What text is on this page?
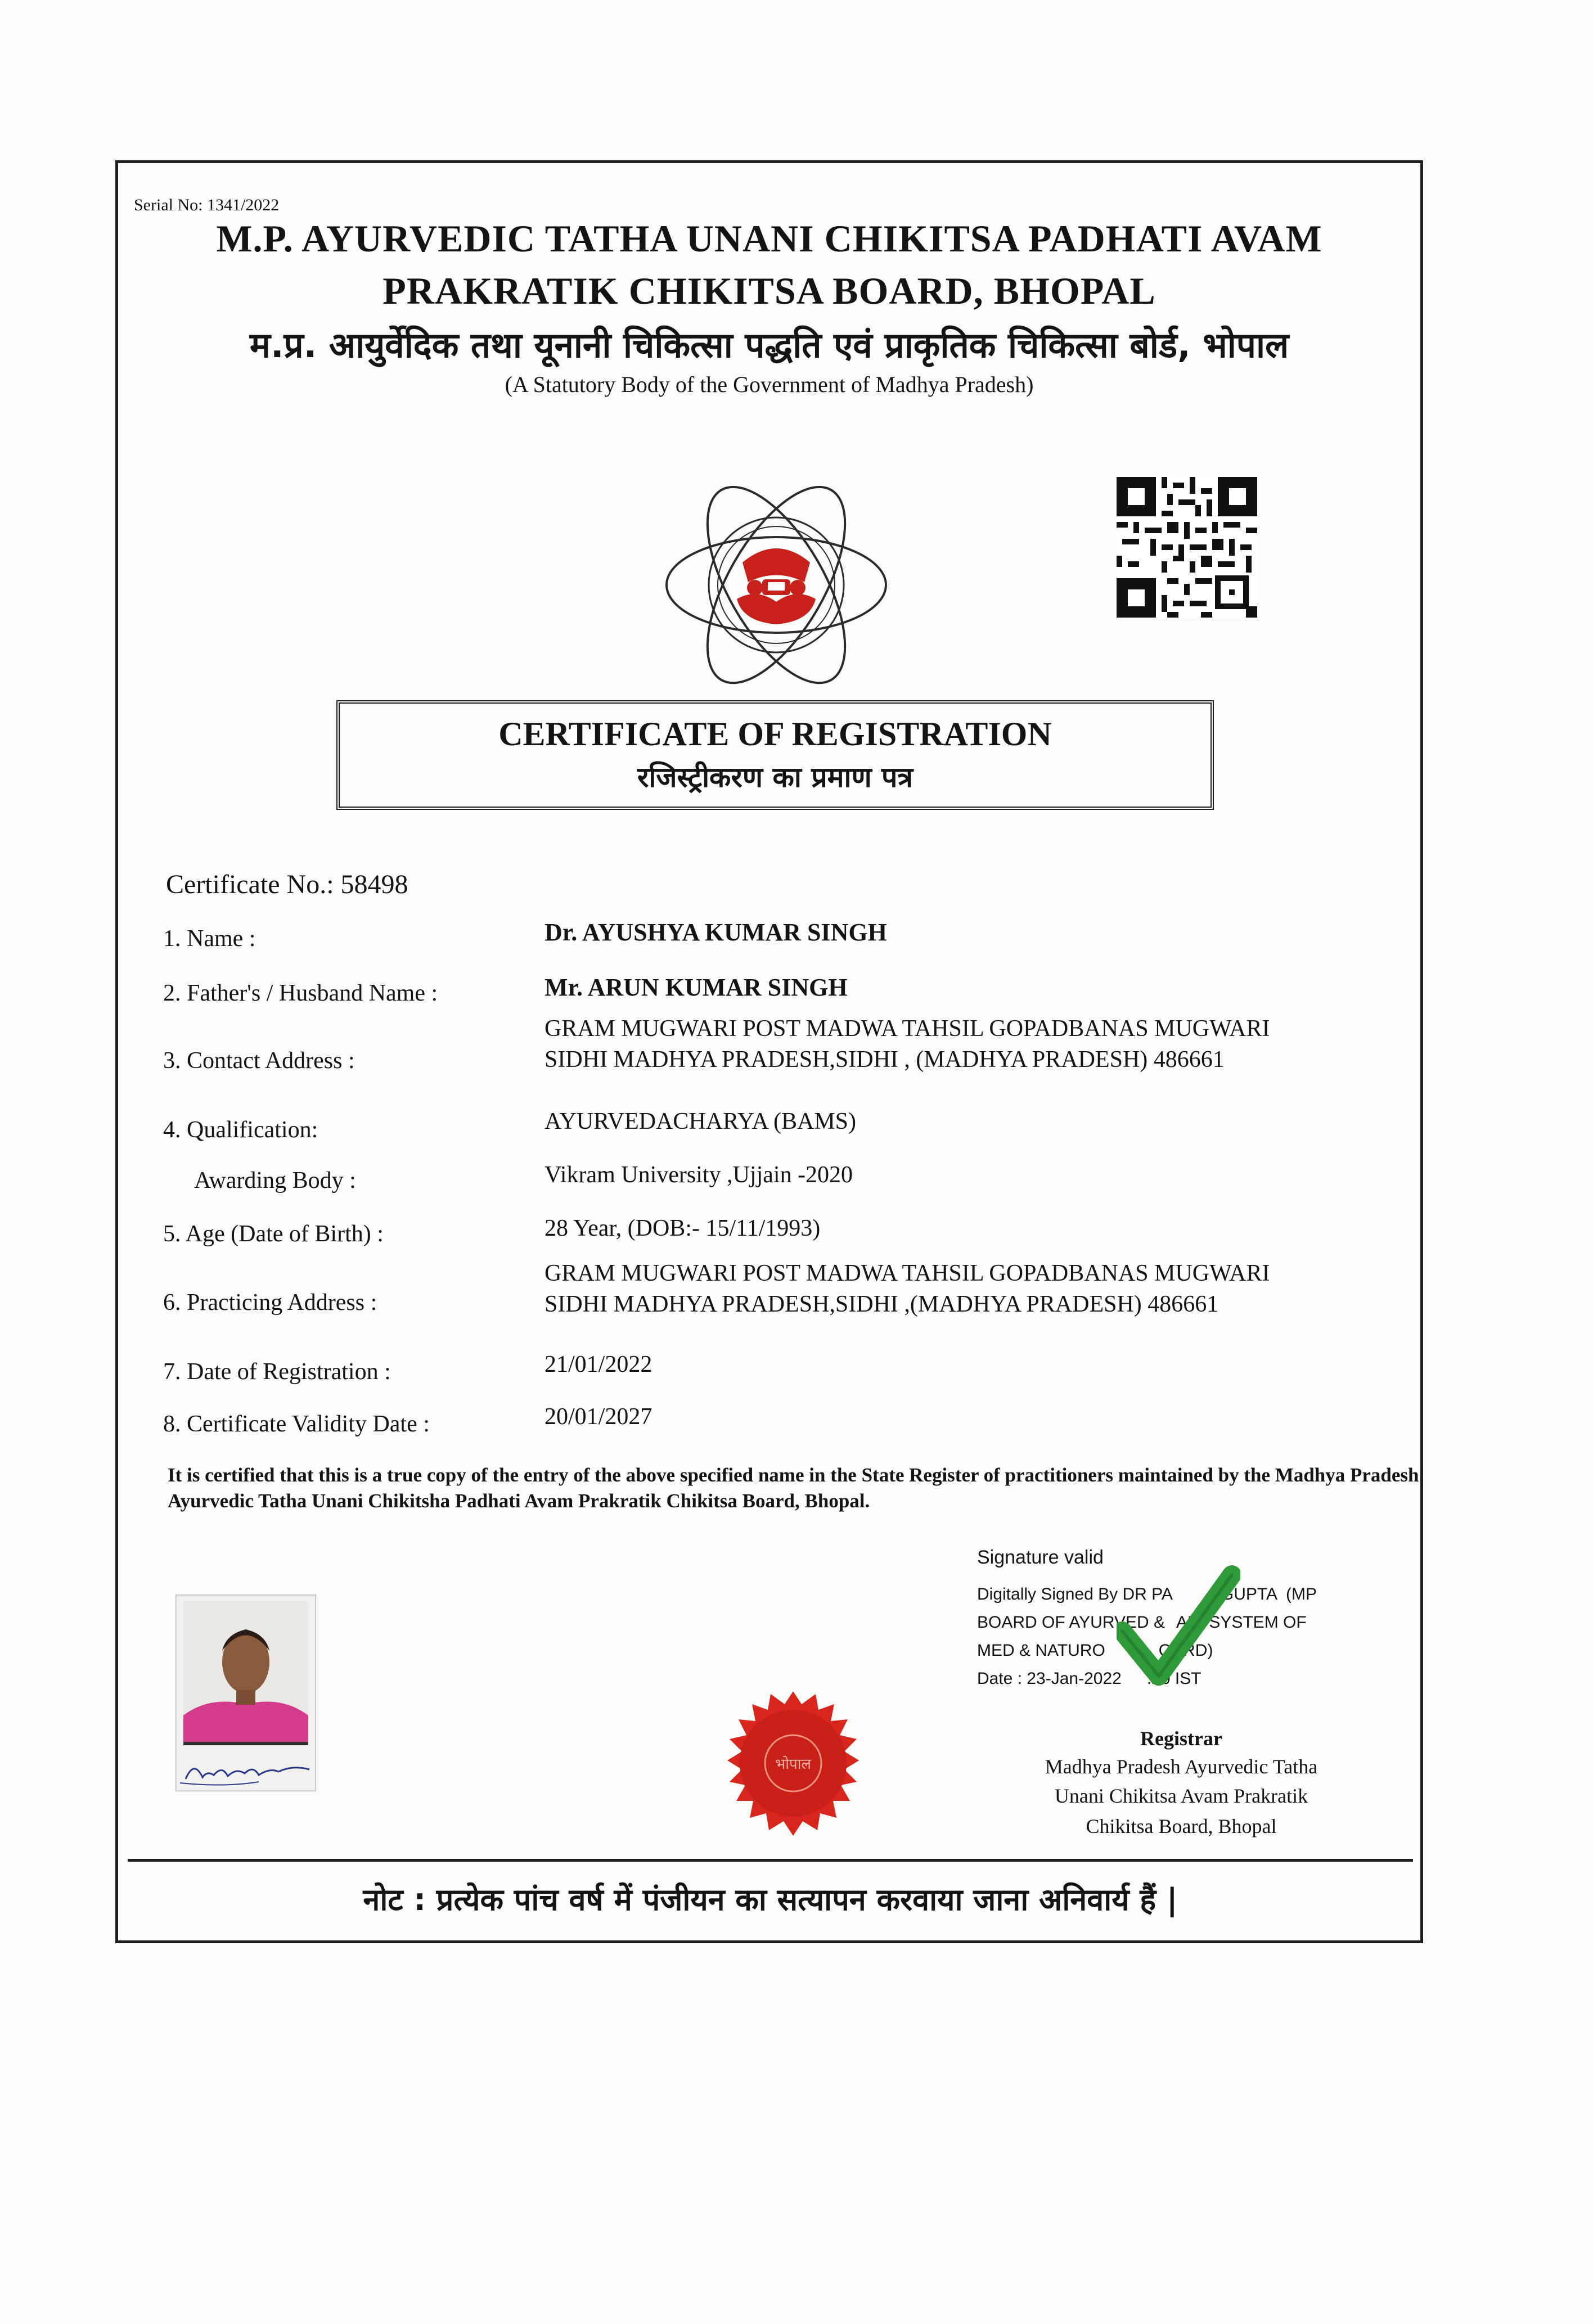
Serial No: 1341/2022
M.P. AYURVEDIC TATHA UNANI CHIKITSA PADHATI AVAM
PRAKRATIK CHIKITSA BOARD, BHOPAL
म.प्र. आयुर्वेदिक तथा यूनानी चिकित्सा पद्धति एवं प्राकृतिक चिकित्सा बोर्ड, भोपाल
(A Statutory Body of the Government of Madhya Pradesh)
CERTIFICATE OF REGISTRATION
रजिस्ट्रीकरण का प्रमाण पत्र
Certificate No.: 58498
1. Name :	Dr. AYUSHYA KUMAR SINGH
2. Father's / Husband Name :	Mr. ARUN KUMAR SINGH
3. Contact Address :
GRAM MUGWARI POST MADWA TAHSIL GOPADBANAS MUGWARI
SIDHI MADHYA PRADESH,SIDHI , (MADHYA PRADESH) 486661
4. Qualification:	AYURVEDACHARYA (BAMS)
Awarding Body :	Vikram University ,Ujjain -2020
5. Age (Date of Birth) :	28 Year, (DOB:- 15/11/1993)
6. Practicing Address :
GRAM MUGWARI POST MADWA TAHSIL GOPADBANAS MUGWARI
SIDHI MADHYA PRADESH,SIDHI ,(MADHYA PRADESH) 486661
7. Date of Registration :	21/01/2022
8. Certificate Validity Date :	20/01/2027
It is certified that this is a true copy of the entry of the above specified name in the State Register of practitioners maintained by the Madhya Pradesh Ayurvedic Tatha Unani Chikitsha Padhati Avam Prakratik Chikitsa Board, Bhopal.
Ayushya	भोपाल
Signature valid
Digitally Signed By DR PA	GUPTA  (MP
BOARD OF AYURVED & ANI SYSTEM OF
MED & NATURO	OARD)
Date : 23-Jan-2022 :20 IST
Registrar
Madhya Pradesh Ayurvedic Tatha
Unani Chikitsa Avam Prakratik
Chikitsa Board, Bhopal
नोट : प्रत्येक पांच वर्ष में पंजीयन का सत्यापन करवाया जाना अनिवार्य हैं |
